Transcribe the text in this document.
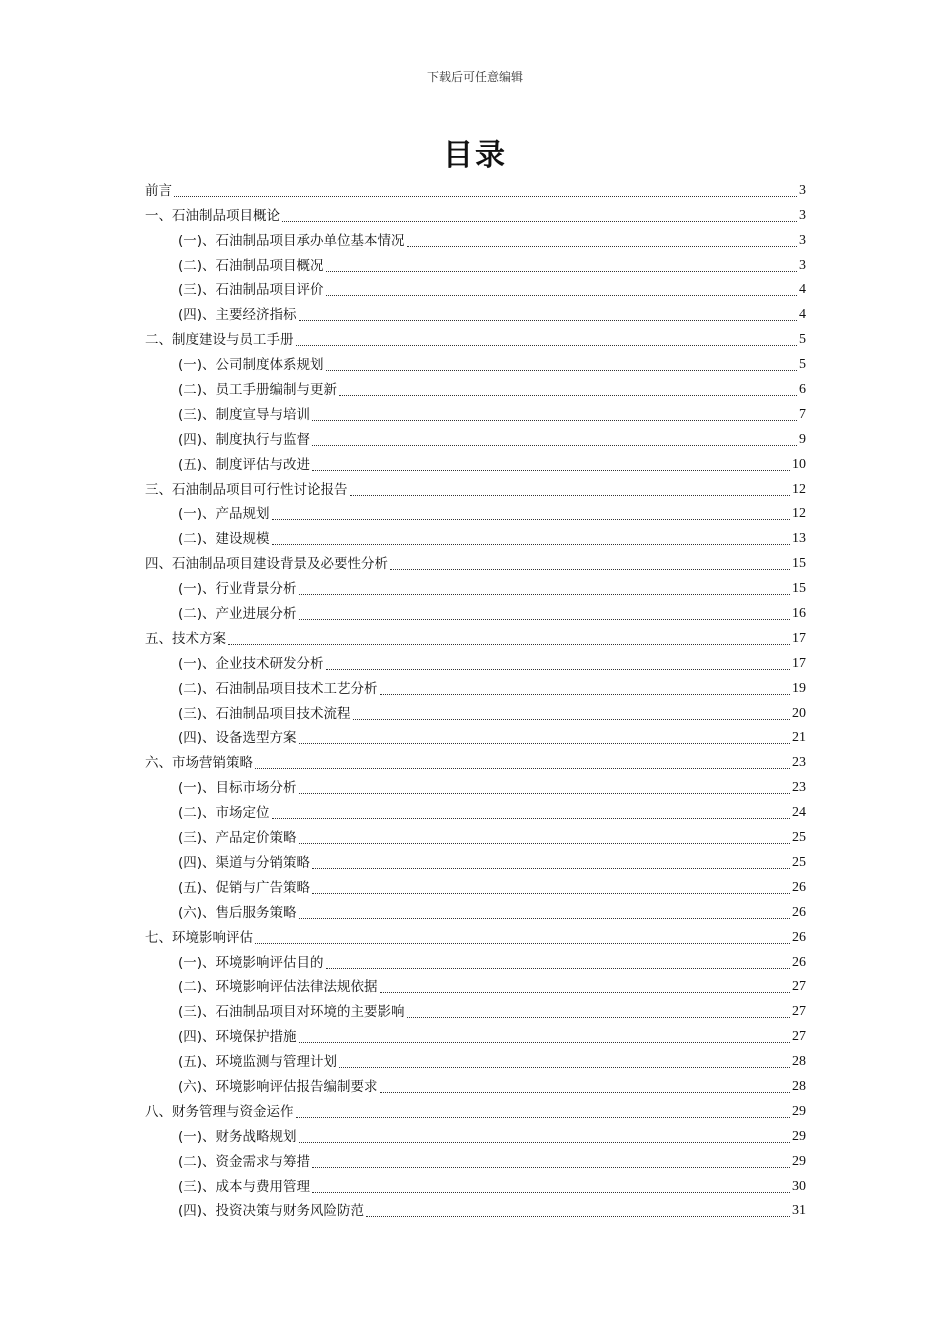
下载后可任意编辑
目录
前言	3
一、石油制品项目概论	3
(一)、石油制品项目承办单位基本情况	3
(二)、石油制品项目概况	3
(三)、石油制品项目评价	4
(四)、主要经济指标	4
二、制度建设与员工手册	5
(一)、公司制度体系规划	5
(二)、员工手册编制与更新	6
(三)、制度宣导与培训	7
(四)、制度执行与监督	9
(五)、制度评估与改进	10
三、石油制品项目可行性讨论报告	12
(一)、产品规划	12
(二)、建设规模	13
四、石油制品项目建设背景及必要性分析	15
(一)、行业背景分析	15
(二)、产业进展分析	16
五、技术方案	17
(一)、企业技术研发分析	17
(二)、石油制品项目技术工艺分析	19
(三)、石油制品项目技术流程	20
(四)、设备选型方案	21
六、市场营销策略	23
(一)、目标市场分析	23
(二)、市场定位	24
(三)、产品定价策略	25
(四)、渠道与分销策略	25
(五)、促销与广告策略	26
(六)、售后服务策略	26
七、环境影响评估	26
(一)、环境影响评估目的	26
(二)、环境影响评估法律法规依据	27
(三)、石油制品项目对环境的主要影响	27
(四)、环境保护措施	27
(五)、环境监测与管理计划	28
(六)、环境影响评估报告编制要求	28
八、财务管理与资金运作	29
(一)、财务战略规划	29
(二)、资金需求与筹措	29
(三)、成本与费用管理	30
(四)、投资决策与财务风险防范	31
